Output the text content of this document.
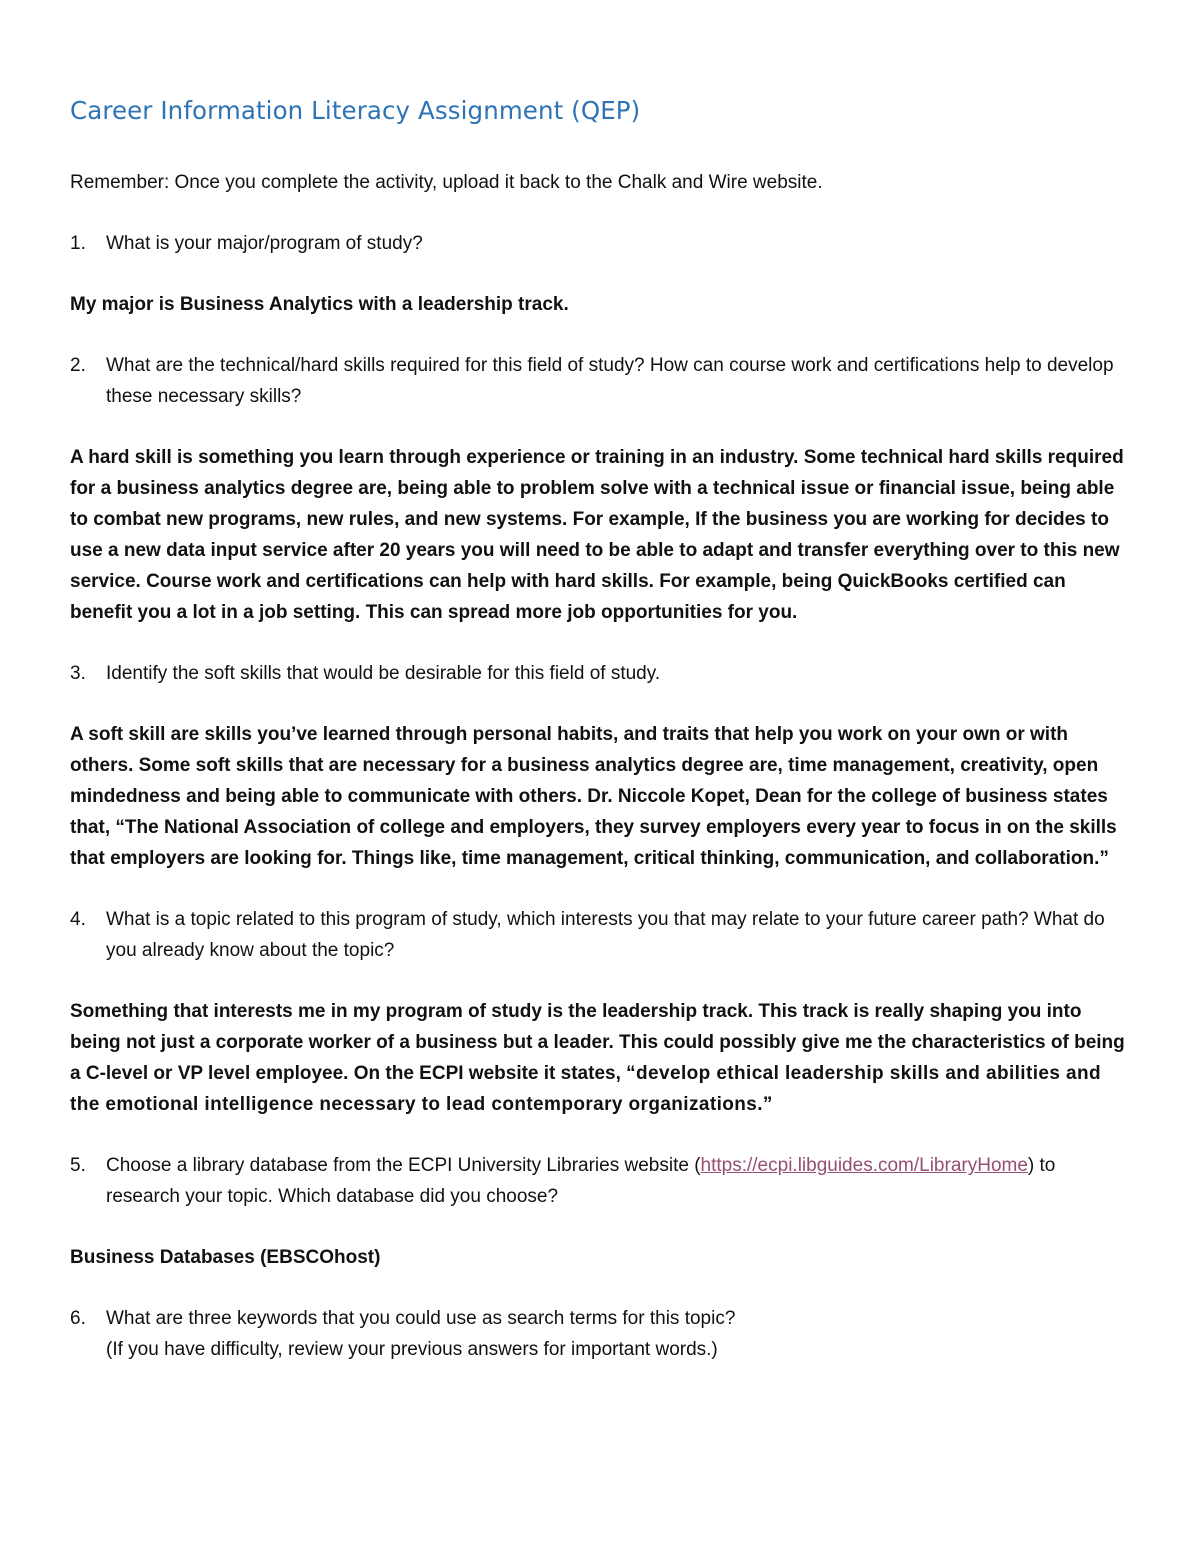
Career Information Literacy Assignment (QEP)

Remember: Once you complete the activity, upload it back to the Chalk and Wire website.

1.	What is your major/program of study?

My major is Business Analytics with a leadership track.

2.	What are the technical/hard skills required for this field of study? How can course work and certifications help to develop these necessary skills?

A hard skill is something you learn through experience or training in an industry. Some technical hard skills required for a business analytics degree are, being able to problem solve with a technical issue or financial issue, being able to combat new programs, new rules, and new systems. For example, If the business you are working for decides to use a new data input service after 20 years you will need to be able to adapt and transfer everything over to this new service. Course work and certifications can help with hard skills. For example, being QuickBooks certified can benefit you a lot in a job setting. This can spread more job opportunities for you.

3.	Identify the soft skills that would be desirable for this field of study.

A soft skill are skills you’ve learned through personal habits, and traits that help you work on your own or with others. Some soft skills that are necessary for a business analytics degree are, time management, creativity, open mindedness and being able to communicate with others. Dr. Niccole Kopet, Dean for the college of business states that, “The National Association of college and employers, they survey employers every year to focus in on the skills that employers are looking for. Things like, time management, critical thinking, communication, and collaboration.”

4.	What is a topic related to this program of study, which interests you that may relate to your future career path? What do you already know about the topic?

Something that interests me in my program of study is the leadership track. This track is really shaping you into being not just a corporate worker of a business but a leader. This could possibly give me the characteristics of being a C-level or VP level employee. On the ECPI website it states, “develop ethical leadership skills and abilities and the emotional intelligence necessary to lead contemporary organizations.”

5.	Choose a library database from the ECPI University Libraries website (https://ecpi.libguides.com/LibraryHome) to research your topic. Which database did you choose?

Business Databases (EBSCOhost)

6.	What are three keywords that you could use as search terms for this topic?
(If you have difficulty, review your previous answers for important words.)
